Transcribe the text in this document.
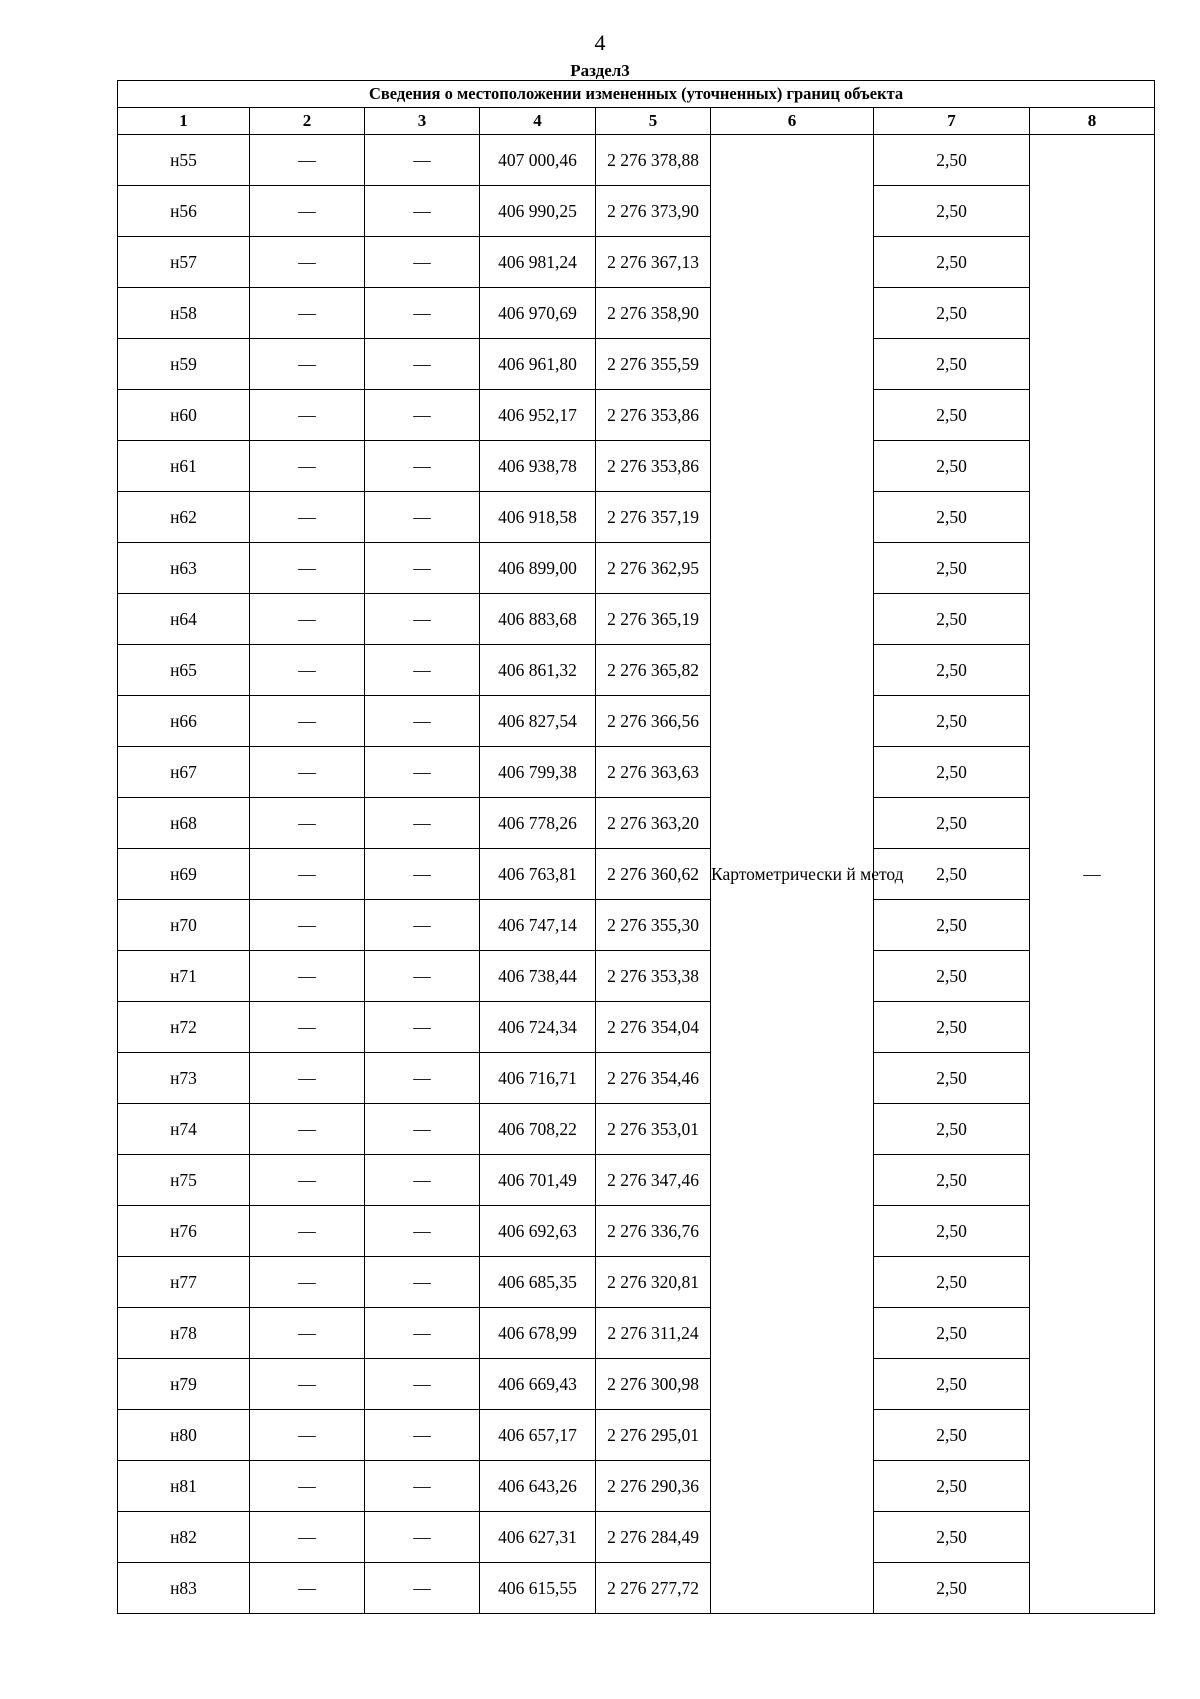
4
Раздел3
Сведения о местоположении измененных (уточненных) границ объекта							
1	2	3	4	5	6	7	8
н55	—	—	407 000,46	2 276 378,88	Картометрически й метод	2,50	—
н56	—	—	406 990,25	2 276 373,90		2,50	
н57	—	—	406 981,24	2 276 367,13		2,50	
н58	—	—	406 970,69	2 276 358,90		2,50	
н59	—	—	406 961,80	2 276 355,59		2,50	
н60	—	—	406 952,17	2 276 353,86		2,50	
н61	—	—	406 938,78	2 276 353,86		2,50	
н62	—	—	406 918,58	2 276 357,19		2,50	
н63	—	—	406 899,00	2 276 362,95		2,50	
н64	—	—	406 883,68	2 276 365,19		2,50	
н65	—	—	406 861,32	2 276 365,82		2,50	
н66	—	—	406 827,54	2 276 366,56		2,50	
н67	—	—	406 799,38	2 276 363,63		2,50	
н68	—	—	406 778,26	2 276 363,20		2,50	
н69	—	—	406 763,81	2 276 360,62		2,50	
н70	—	—	406 747,14	2 276 355,30		2,50	
н71	—	—	406 738,44	2 276 353,38		2,50	
н72	—	—	406 724,34	2 276 354,04		2,50	
н73	—	—	406 716,71	2 276 354,46		2,50	
н74	—	—	406 708,22	2 276 353,01		2,50	
н75	—	—	406 701,49	2 276 347,46		2,50	
н76	—	—	406 692,63	2 276 336,76		2,50	
н77	—	—	406 685,35	2 276 320,81		2,50	
н78	—	—	406 678,99	2 276 311,24		2,50	
н79	—	—	406 669,43	2 276 300,98		2,50	
н80	—	—	406 657,17	2 276 295,01		2,50	
н81	—	—	406 643,26	2 276 290,36		2,50	
н82	—	—	406 627,31	2 276 284,49		2,50	
н83	—	—	406 615,55	2 276 277,72		2,50	
